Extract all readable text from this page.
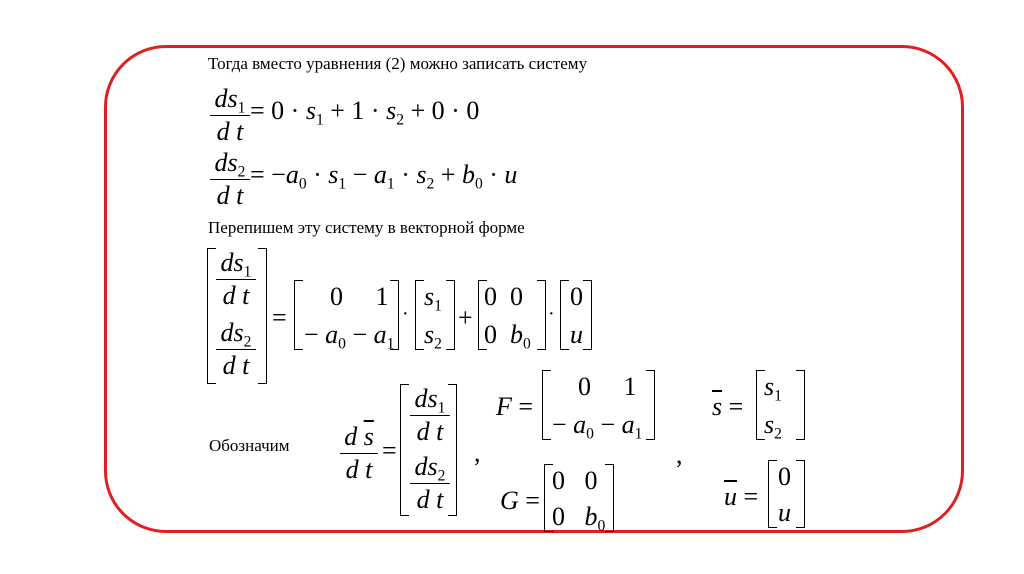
Тогда вместо уравнения (2) можно записать систему
$ds_1$
d t
= $0 \cdot s_1 + 1 \cdot s_2 + 0 \cdot 0$
$ds_2$
d t
= $-a_0 \cdot s_1 - a_1 \cdot s_2 + b_0 \cdot u$
Перепишем эту систему в векторной форме
$ds_1$
d t
$ds_2$
d t
=
0     1
− $a_0 - a_1$
·
$s_1$
$s_2$
+
0  0
0  $b_0$
·
0
u
Обозначим d $\overline{s}$
d t
=
$ds_1$
d t
$ds_2$
d t
,
F =
0     1
− $a_0 - a_1$
G =
0   0
0   $b_0$
,
$\overline{s}$ =
$s_1$
$s_2$
$\overline{u}$ =
0
u
